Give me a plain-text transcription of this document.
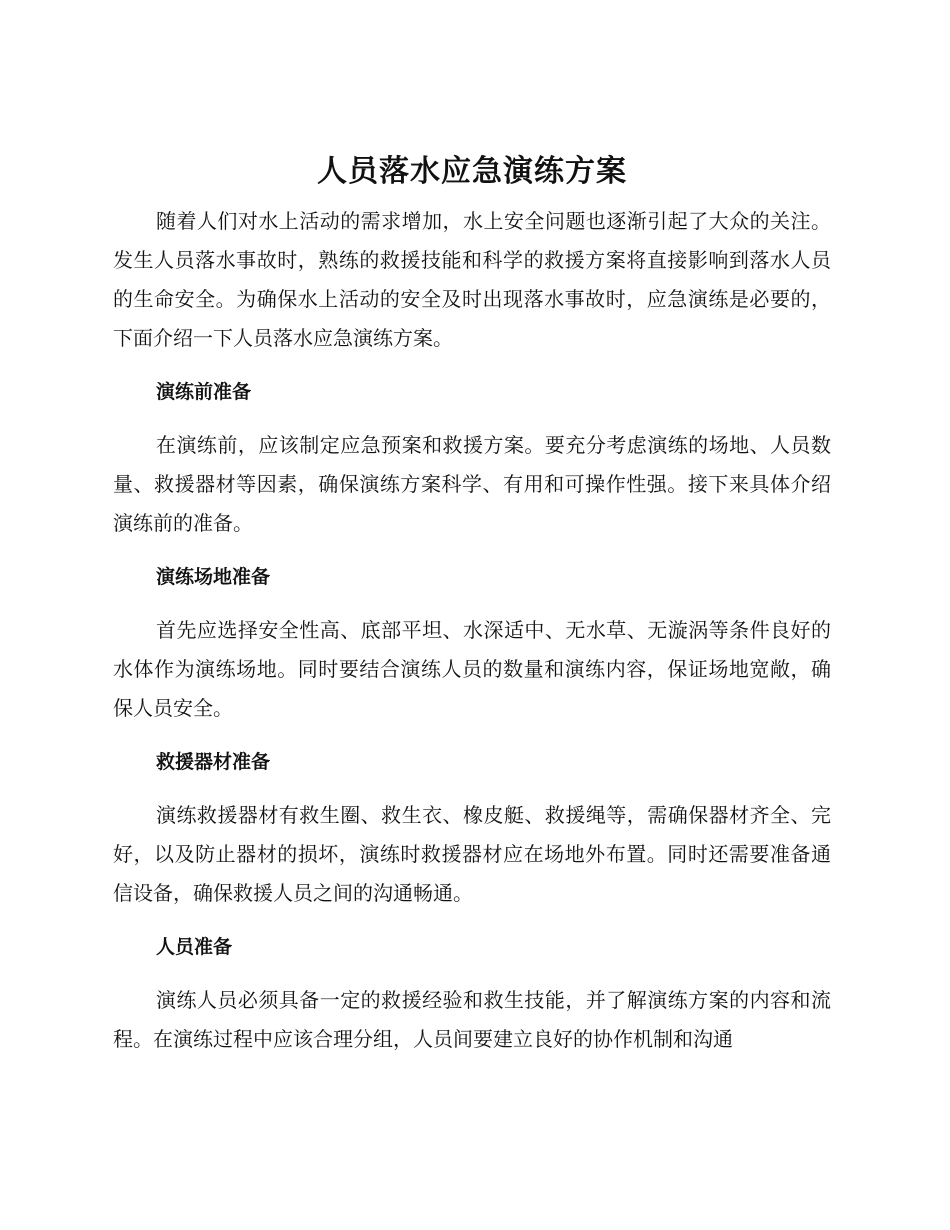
人员落水应急演练方案

随着人们对水上活动的需求增加，水上安全问题也逐渐引起了大众的关注。发生人员落水事故时，熟练的救援技能和科学的救援方案将直接影响到落水人员的生命安全。为确保水上活动的安全及时出现落水事故时，应急演练是必要的，下面介绍一下人员落水应急演练方案。

演练前准备

在演练前，应该制定应急预案和救援方案。要充分考虑演练的场地、人员数量、救援器材等因素，确保演练方案科学、有用和可操作性强。接下来具体介绍演练前的准备。

演练场地准备

首先应选择安全性高、底部平坦、水深适中、无水草、无漩涡等条件良好的水体作为演练场地。同时要结合演练人员的数量和演练内容，保证场地宽敞，确保人员安全。

救援器材准备

演练救援器材有救生圈、救生衣、橡皮艇、救援绳等，需确保器材齐全、完好，以及防止器材的损坏，演练时救援器材应在场地外布置。同时还需要准备通信设备，确保救援人员之间的沟通畅通。

人员准备

演练人员必须具备一定的救援经验和救生技能，并了解演练方案的内容和流程。在演练过程中应该合理分组，人员间要建立良好的协作机制和沟通
